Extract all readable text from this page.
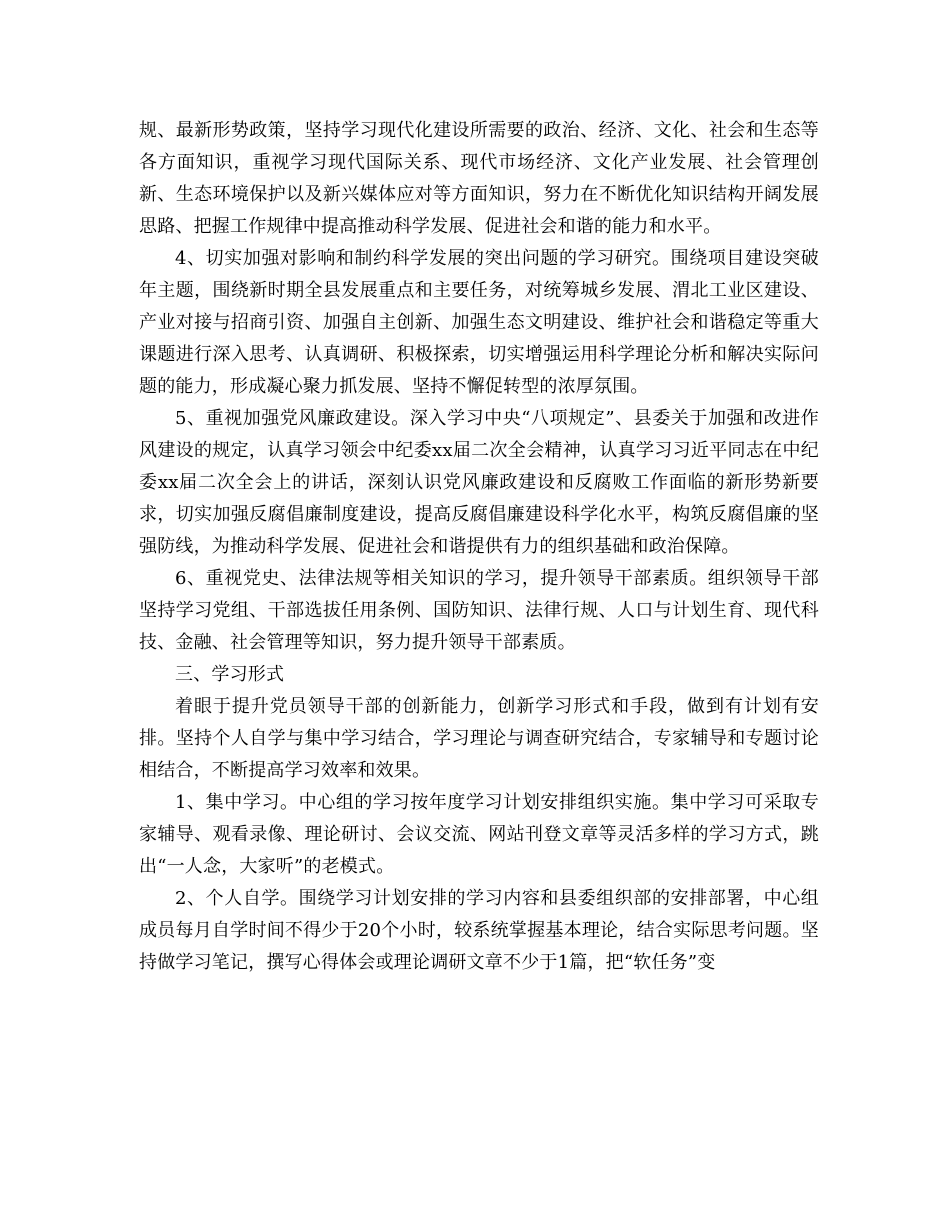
规、最新形势政策，坚持学习现代化建设所需要的政治、经济、文化、社会和生态等各方面知识，重视学习现代国际关系、现代市场经济、文化产业发展、社会管理创新、生态环境保护以及新兴媒体应对等方面知识，努力在不断优化知识结构开阔发展思路、把握工作规律中提高推动科学发展、促进社会和谐的能力和水平。

4、切实加强对影响和制约科学发展的突出问题的学习研究。围绕项目建设突破年主题，围绕新时期全县发展重点和主要任务，对统筹城乡发展、渭北工业区建设、产业对接与招商引资、加强自主创新、加强生态文明建设、维护社会和谐稳定等重大课题进行深入思考、认真调研、积极探索，切实增强运用科学理论分析和解决实际问题的能力，形成凝心聚力抓发展、坚持不懈促转型的浓厚氛围。

5、重视加强党风廉政建设。深入学习中央“八项规定”、县委关于加强和改进作风建设的规定，认真学习领会中纪委xx届二次全会精神，认真学习习近平同志在中纪委xx届二次全会上的讲话，深刻认识党风廉政建设和反腐败工作面临的新形势新要求，切实加强反腐倡廉制度建设，提高反腐倡廉建设科学化水平，构筑反腐倡廉的坚强防线，为推动科学发展、促进社会和谐提供有力的组织基础和政治保障。

6、重视党史、法律法规等相关知识的学习，提升领导干部素质。组织领导干部坚持学习党组、干部选拔任用条例、国防知识、法律行规、人口与计划生育、现代科技、金融、社会管理等知识，努力提升领导干部素质。

三、学习形式

着眼于提升党员领导干部的创新能力，创新学习形式和手段，做到有计划有安排。坚持个人自学与集中学习结合，学习理论与调查研究结合，专家辅导和专题讨论相结合，不断提高学习效率和效果。

1、集中学习。中心组的学习按年度学习计划安排组织实施。集中学习可采取专家辅导、观看录像、理论研讨、会议交流、网站刊登文章等灵活多样的学习方式，跳出“一人念，大家听”的老模式。

2、个人自学。围绕学习计划安排的学习内容和县委组织部的安排部署，中心组成员每月自学时间不得少于20个小时，较系统掌握基本理论，结合实际思考问题。坚持做学习笔记，撰写心得体会或理论调研文章不少于1篇，把“软任务”变
